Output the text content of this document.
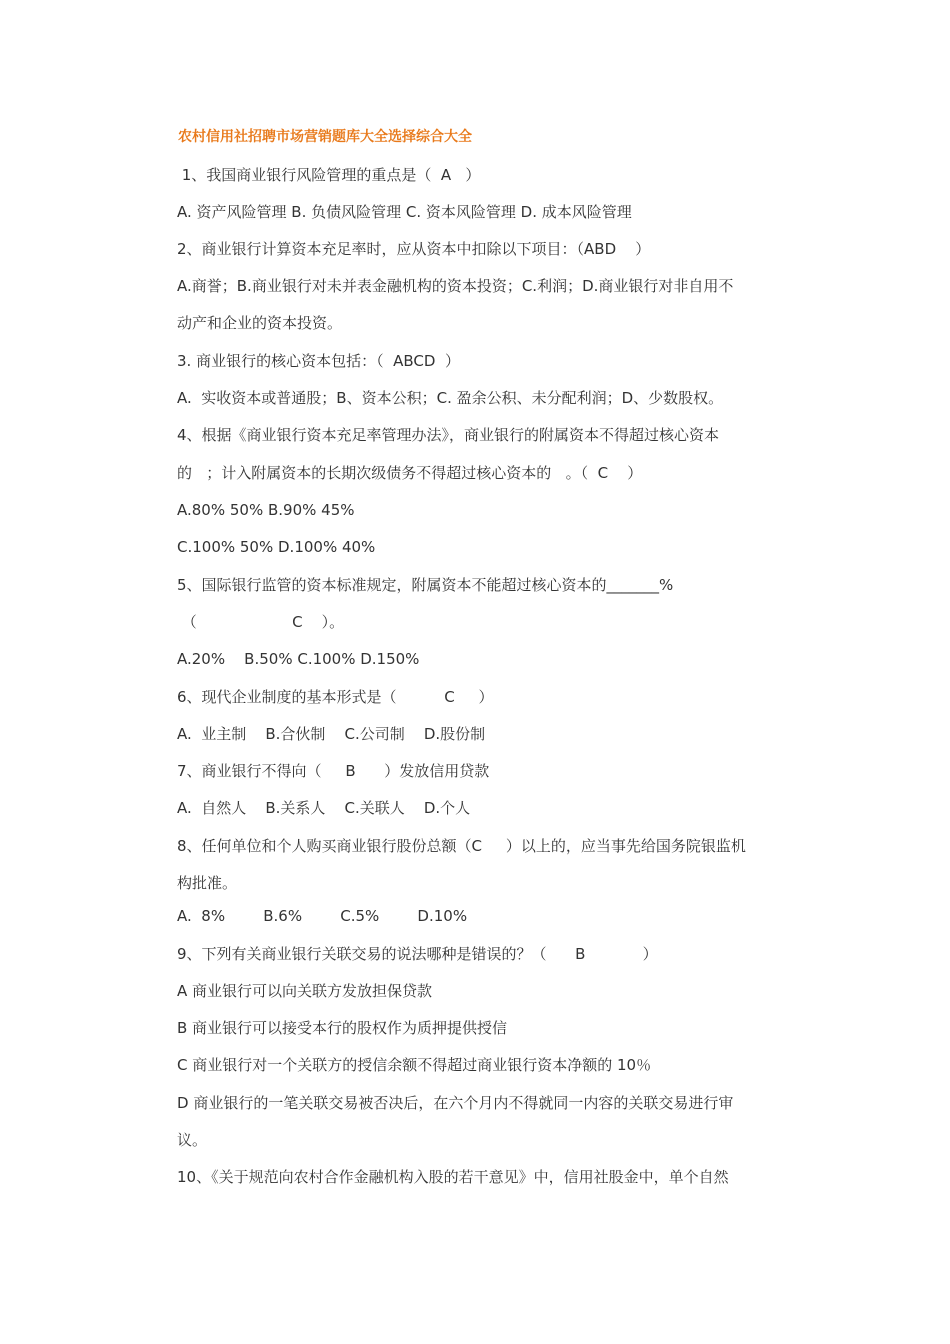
农村信用社招聘市场营销题库大全选择综合大全
1、我国商业银行风险管理的重点是（  A   ）
A. 资产风险管理 B. 负债风险管理 C. 资本风险管理 D. 成本风险管理
2、商业银行计算资本充足率时，应从资本中扣除以下项目：（ABD    ）
A.商誉；B.商业银行对未并表金融机构的资本投资；C.利润；D.商业银行对非自用不
动产和企业的资本投资。
3. 商业银行的核心资本包括：（  ABCD  ）
A.  实收资本或普通股；B、资本公积；C. 盈余公积、未分配利润；D、少数股权。
4、根据《商业银行资本充足率管理办法》，商业银行的附属资本不得超过核心资本
的   ；计入附属资本的长期次级债务不得超过核心资本的   。（  C    ）
A.80% 50% B.90% 45%
C.100% 50% D.100% 40%
5、国际银行监管的资本标准规定，附属资本不能超过核心资本的_______%
（                    C    ）。
A.20%    B.50% C.100% D.150%
6、现代企业制度的基本形式是（          C     ）
A.  业主制    B.合伙制    C.公司制    D.股份制
7、商业银行不得向（     B      ）发放信用贷款
A.  自然人    B.关系人    C.关联人    D.个人
8、任何单位和个人购买商业银行股份总额（C     ）以上的，应当事先给国务院银监机
构批准。
A.  8%        B.6%        C.5%        D.10%
9、下列有关商业银行关联交易的说法哪种是错误的？（      B            ）
A 商业银行可以向关联方发放担保贷款
B 商业银行可以接受本行的股权作为质押提供授信
C 商业银行对一个关联方的授信余额不得超过商业银行资本净额的 10％
D 商业银行的一笔关联交易被否决后，在六个月内不得就同一内容的关联交易进行审
议。
10、《关于规范向农村合作金融机构入股的若干意见》中，信用社股金中，单个自然
